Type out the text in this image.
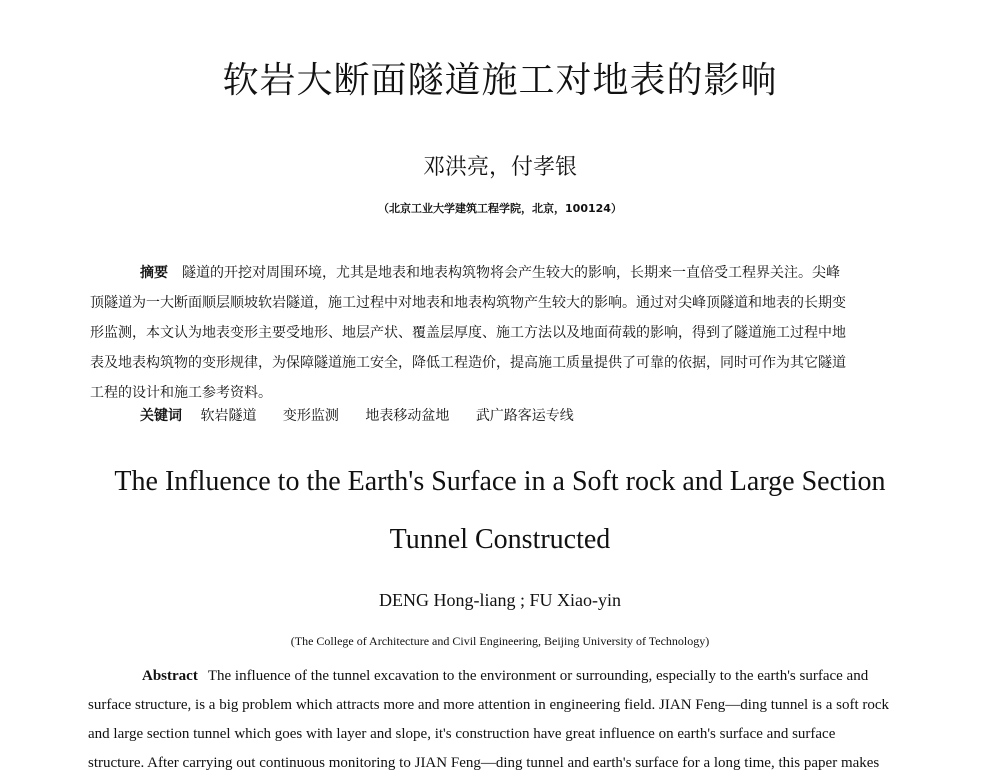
软岩大断面隧道施工对地表的影响
邓洪亮，付孝银
（北京工业大学建筑工程学院，北京，100124）
摘要 隧道的开挖对周围环境，尤其是地表和地表构筑物将会产生较大的影响，长期来一直倍受工程界关注。尖峰
顶隧道为一大断面顺层顺坡软岩隧道，施工过程中对地表和地表构筑物产生较大的影响。通过对尖峰顶隧道和地表的长期变
形监测，本文认为地表变形主要受地形、地层产状、覆盖层厚度、施工方法以及地面荷载的影响，得到了隧道施工过程中地
表及地表构筑物的变形规律，为保障隧道施工安全，降低工程造价，提高施工质量提供了可靠的依据，同时可作为其它隧道
工程的设计和施工参考资料。
关键词 软岩隧道 变形监测 地表移动盆地 武广路客运专线
The Influence to the Earth's Surface in a Soft rock and Large Section
Tunnel Constructed
DENG Hong-liang ; FU Xiao-yin
(The College of Architecture and Civil Engineering, Beijing University of Technology)
Abstract The influence of the tunnel excavation to the environment or surrounding, especially to the earth's surface and
surface structure, is a big problem which attracts more and more attention in engineering field. JIAN Feng—ding tunnel is a soft rock
and large section tunnel which goes with layer and slope, it's construction have great influence on earth's surface and surface
structure. After carrying out continuous monitoring to JIAN Feng—ding tunnel and earth's surface for a long time, this paper makes
